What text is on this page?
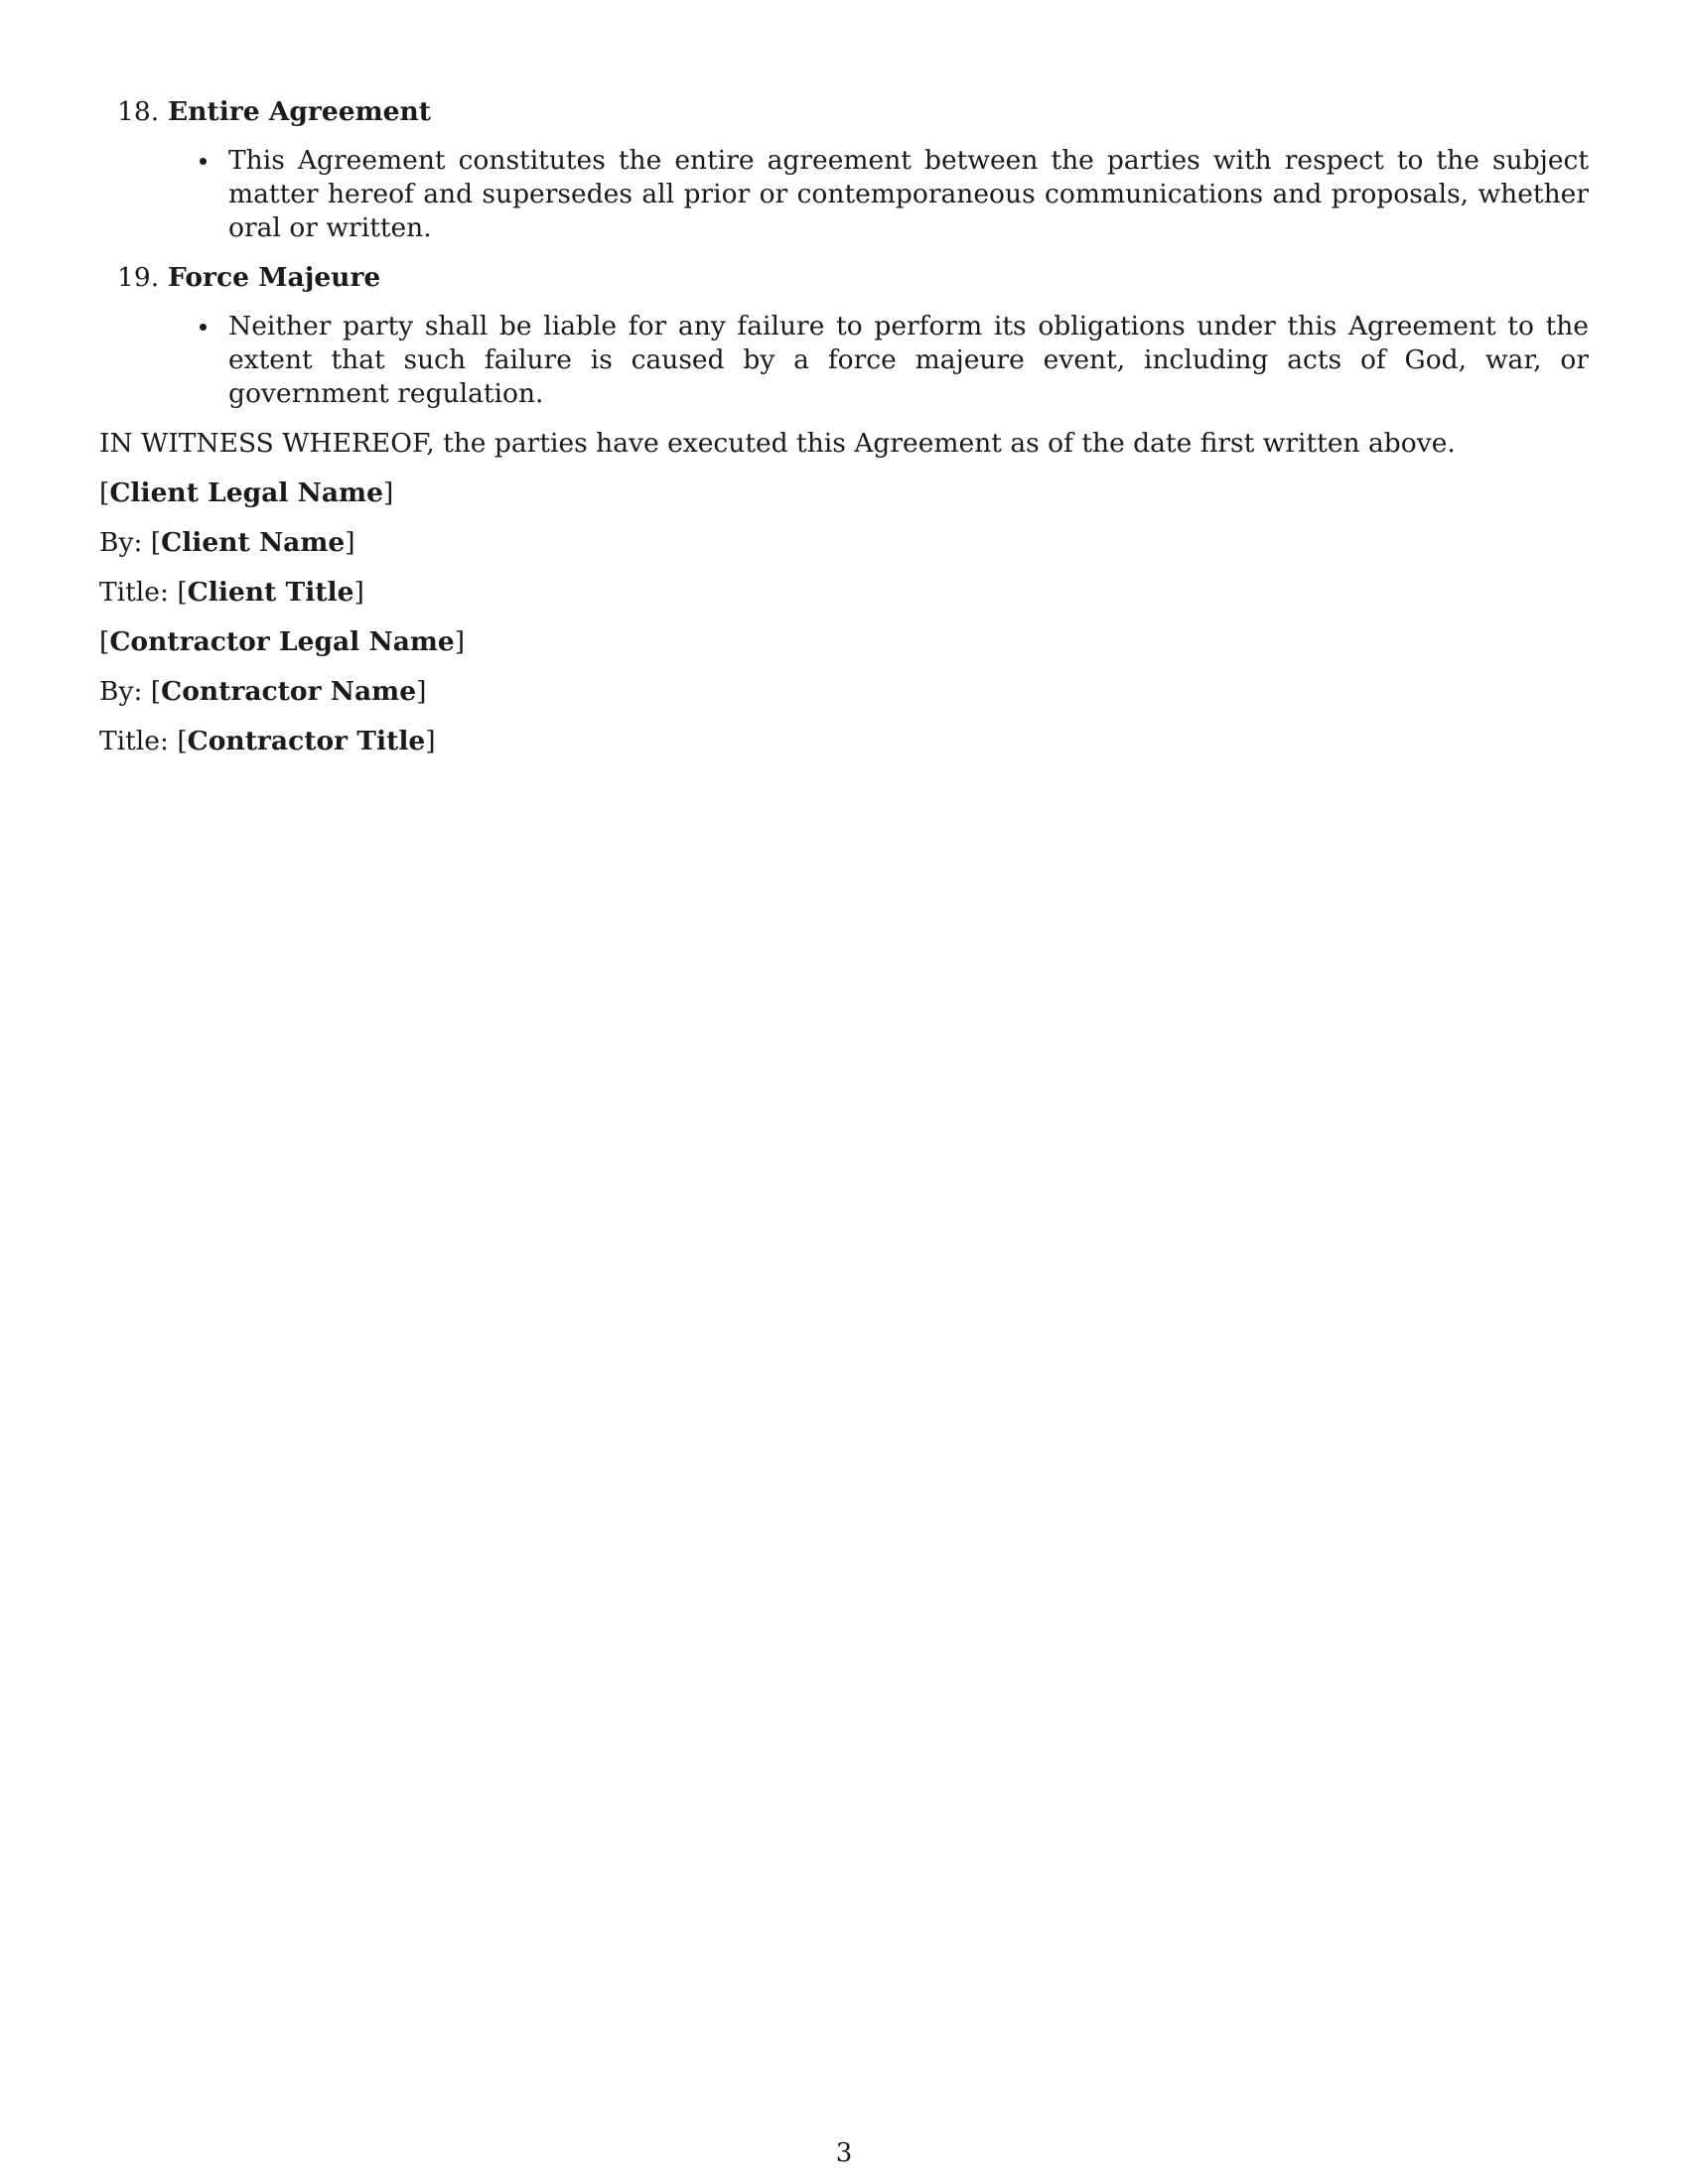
18. Entire Agreement
This Agreement constitutes the entire agreement between the parties with respect to the subject matter hereof and supersedes all prior or contemporaneous communications and proposals, whether oral or written.
19. Force Majeure
Neither party shall be liable for any failure to perform its obligations under this Agreement to the extent that such failure is caused by a force majeure event, including acts of God, war, or government regulation.
IN WITNESS WHEREOF, the parties have executed this Agreement as of the date first written above.
[Client Legal Name]
By: [Client Name]
Title: [Client Title]
[Contractor Legal Name]
By: [Contractor Name]
Title: [Contractor Title]
3
